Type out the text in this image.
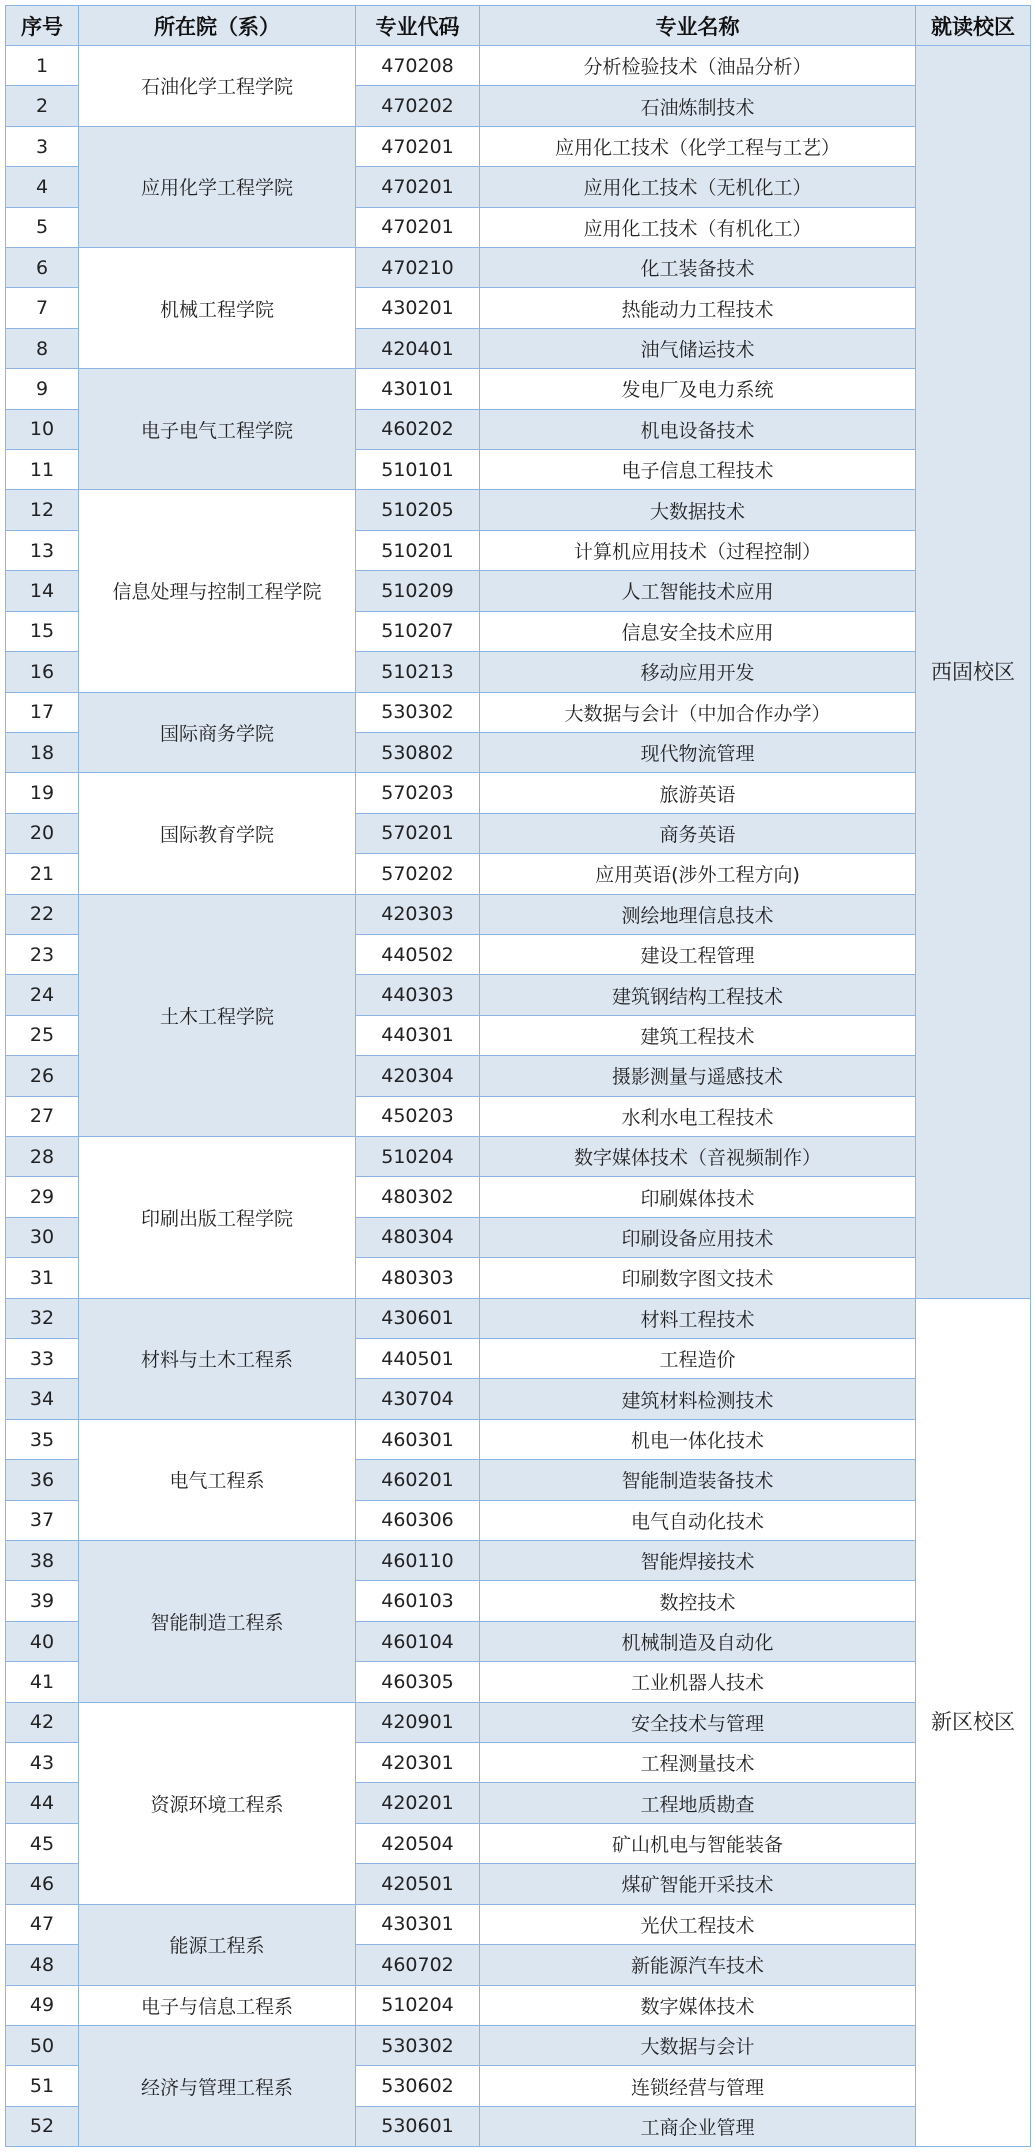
序号	所在院（系）	专业代码	专业名称	就读校区
1	石油化学工程学院	470208	分析检验技术（油品分析）	西固校区

2		470202	石油炼制技术	
3	应用化学工程学院	470201	应用化工技术（化学工程与工艺）	
4		470201	应用化工技术（无机化工）	
5		470201	应用化工技术（有机化工）	
6	机械工程学院	470210	化工装备技术	
7		430201	热能动力工程技术	
8		420401	油气储运技术	
9	电子电气工程学院	430101	发电厂及电力系统	
10		460202	机电设备技术	
11		510101	电子信息工程技术	
12	信息处理与控制工程学院	510205	大数据技术	
13		510201	计算机应用技术（过程控制）	
14		510209	人工智能技术应用	
15		510207	信息安全技术应用	
16		510213	移动应用开发	
17	国际商务学院	530302	大数据与会计（中加合作办学）	
18		530802	现代物流管理	
19	国际教育学院	570203	旅游英语	
20		570201	商务英语	
21		570202	应用英语(涉外工程方向)	
22	土木工程学院	420303	测绘地理信息技术	
23		440502	建设工程管理	
24		440303	建筑钢结构工程技术	
25		440301	建筑工程技术	
26		420304	摄影测量与遥感技术	
27		450203	水利水电工程技术	
28	印刷出版工程学院	510204	数字媒体技术（音视频制作）	
29		480302	印刷媒体技术	
30		480304	印刷设备应用技术	
31		480303	印刷数字图文技术	
32	材料与土木工程系	430601	材料工程技术	新区校区

33		440501	工程造价	
34		430704	建筑材料检测技术	
35	电气工程系	460301	机电一体化技术	
36		460201	智能制造装备技术	
37		460306	电气自动化技术	
38	智能制造工程系	460110	智能焊接技术	
39		460103	数控技术	
40		460104	机械制造及自动化	
41		460305	工业机器人技术	
42	资源环境工程系	420901	安全技术与管理	
43		420301	工程测量技术	
44		420201	工程地质勘查	
45		420504	矿山机电与智能装备	
46		420501	煤矿智能开采技术	
47	能源工程系	430301	光伏工程技术	
48		460702	新能源汽车技术	
49	电子与信息工程系	510204	数字媒体技术	
50	经济与管理工程系	530302	大数据与会计	
51		530602	连锁经营与管理	
52		530601	工商企业管理	
